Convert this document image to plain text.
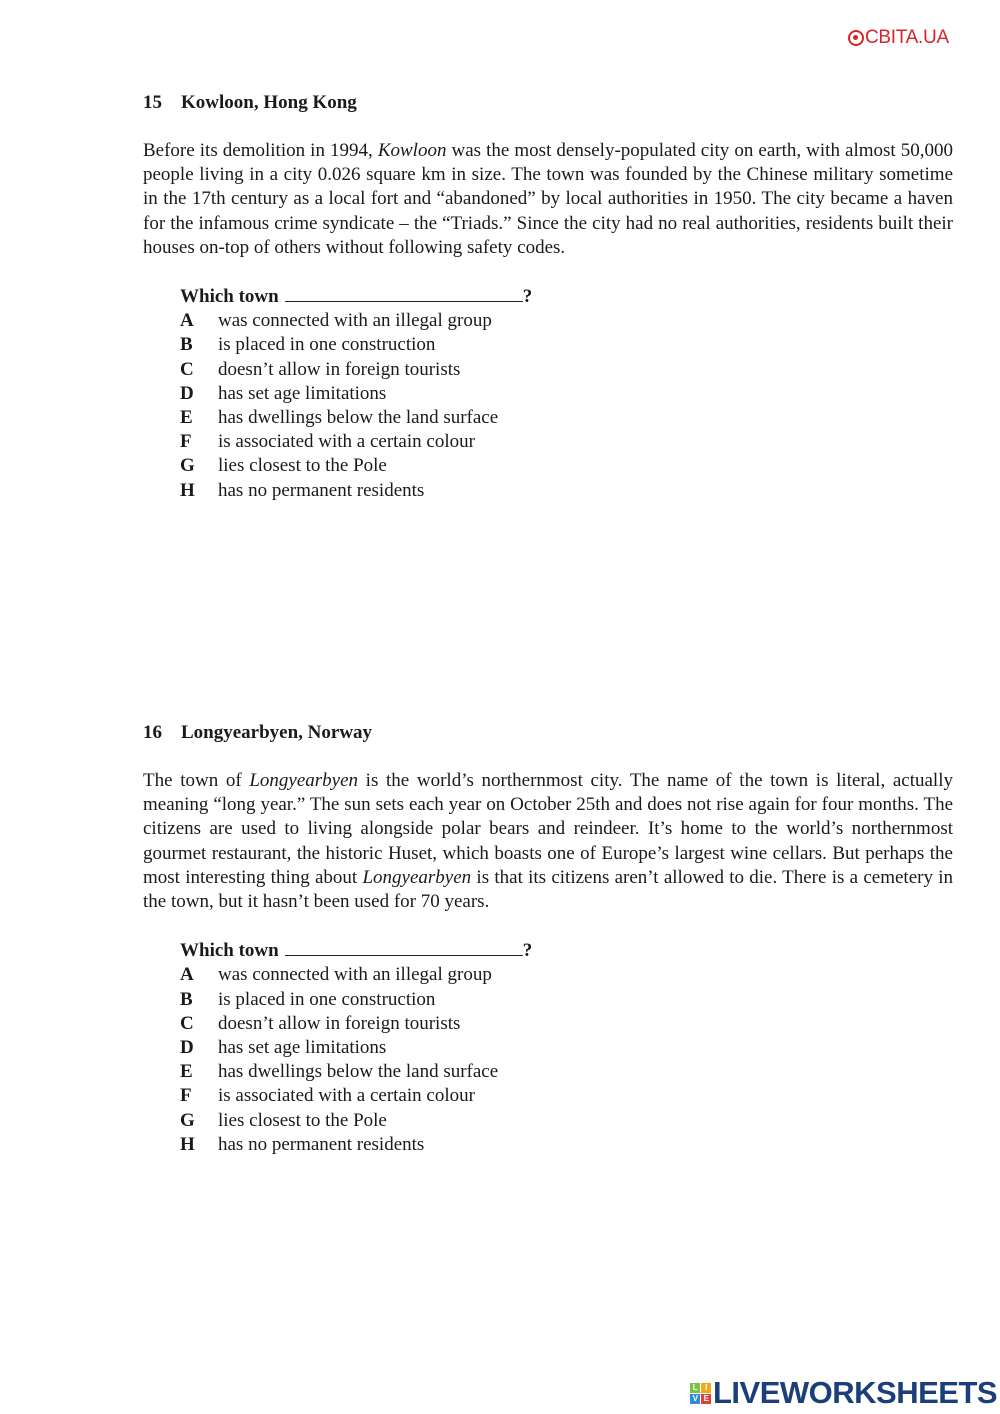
CBITA.UA
15 Kowloon, Hong Kong

Before its demolition in 1994, Kowloon was the most densely-populated city on earth, with almost 50,000 people living in a city 0.026 square km in size. The town was founded by the Chinese military sometime in the 17th century as a local fort and “abandoned” by local authorities in 1950. The city became a haven for the infamous crime syndicate – the “Triads.” Since the city had no real authorities, residents built their houses on-top of others without following safety codes.

Which town	?
A	was connected with an illegal group
B	is placed in one construction
C	doesn’t allow in foreign tourists
D	has set age limitations
E	has dwellings below the land surface
F	is associated with a certain colour
G	lies closest to the Pole
H	has no permanent residents
16 Longyearbyen, Norway

The town of Longyearbyen is the world’s northernmost city. The name of the town is literal, actually meaning “long year.” The sun sets each year on October 25th and does not rise again for four months. The citizens are used to living alongside polar bears and reindeer. It’s home to the world’s northernmost gourmet restaurant, the historic Huset, which boasts one of Europe’s largest wine cellars. But perhaps the most interesting thing about Longyearbyen is that its citizens aren’t allowed to die. There is a cemetery in the town, but it hasn’t been used for 70 years.

Which town	?
A	was connected with an illegal group
B	is placed in one construction
C	doesn’t allow in foreign tourists
D	has set age limitations
E	has dwellings below the land surface
F	is associated with a certain colour
G	lies closest to the Pole
H	has no permanent residents
L I
V E LIVEWORKSHEETS
